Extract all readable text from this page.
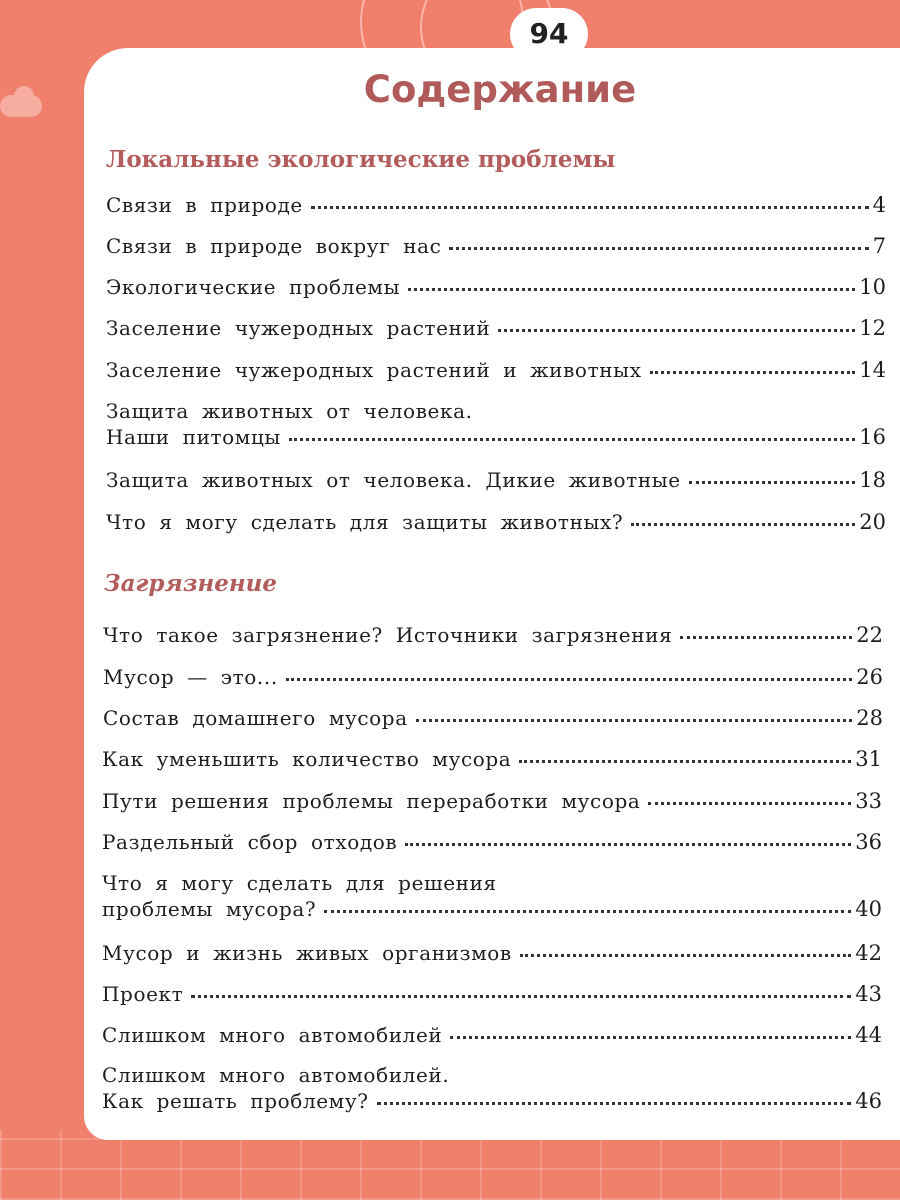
94
Содержание
Локальные экологические проблемы
Связи в природе	4
Связи в природе вокруг нас	7
Экологические проблемы	10
Заселение чужеродных растений	12
Заселение чужеродных растений и животных	14
Защита животных от человека.
Наши питомцы	16
Защита животных от человека. Дикие животные	18
Что я могу сделать для защиты животных?	20
Загрязнение
Что такое загрязнение? Источники загрязнения	22
Мусор — это...	26
Состав домашнего мусора	28
Как уменьшить количество мусора	31
Пути решения проблемы переработки мусора	33
Раздельный сбор отходов	36
Что я могу сделать для решения
проблемы мусора?	40
Мусор и жизнь живых организмов	42
Проект	43
Слишком много автомобилей	44
Слишком много автомобилей.
Как решать проблему?	46
